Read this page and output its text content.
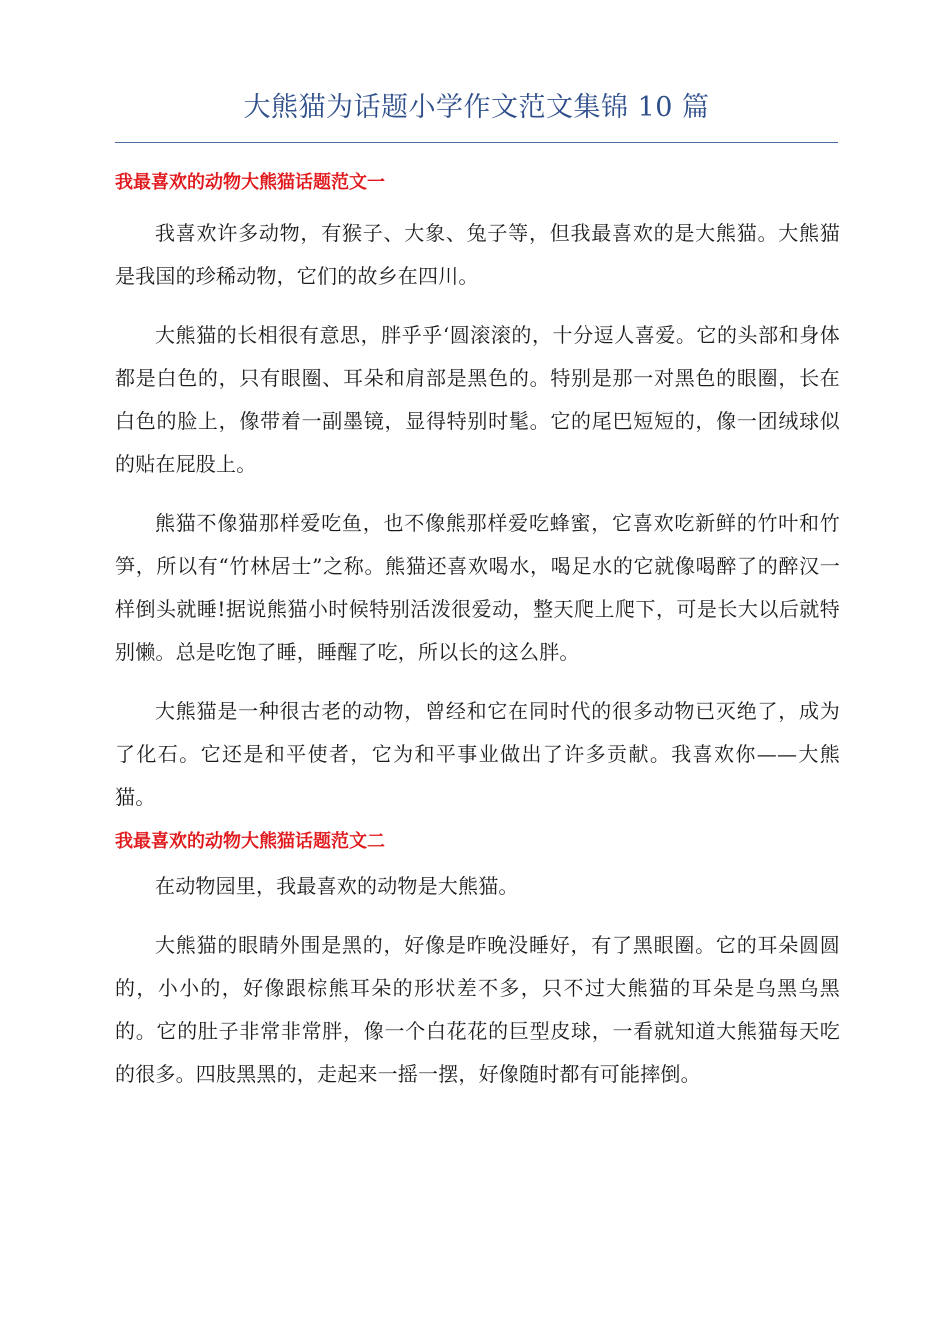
大熊猫为话题小学作文范文集锦 10 篇
我最喜欢的动物大熊猫话题范文一

我喜欢许多动物，有猴子、大象、兔子等，但我最喜欢的是大熊猫。大熊猫是我国的珍稀动物，它们的故乡在四川。

大熊猫的长相很有意思，胖乎乎‘圆滚滚的，十分逗人喜爱。它的头部和身体都是白色的，只有眼圈、耳朵和肩部是黑色的。特别是那一对黑色的眼圈，长在白色的脸上，像带着一副墨镜，显得特别时髦。它的尾巴短短的，像一团绒球似的贴在屁股上。

熊猫不像猫那样爱吃鱼，也不像熊那样爱吃蜂蜜，它喜欢吃新鲜的竹叶和竹笋，所以有“竹林居士”之称。熊猫还喜欢喝水，喝足水的它就像喝醉了的醉汉一样倒头就睡!据说熊猫小时候特别活泼很爱动，整天爬上爬下，可是长大以后就特别懒。总是吃饱了睡，睡醒了吃，所以长的这么胖。

大熊猫是一种很古老的动物，曾经和它在同时代的很多动物已灭绝了，成为了化石。它还是和平使者，它为和平事业做出了许多贡献。我喜欢你——大熊猫。

我最喜欢的动物大熊猫话题范文二

在动物园里，我最喜欢的动物是大熊猫。

大熊猫的眼睛外围是黑的，好像是昨晚没睡好，有了黑眼圈。它的耳朵圆圆的，小小的，好像跟棕熊耳朵的形状差不多，只不过大熊猫的耳朵是乌黑乌黑的。它的肚子非常非常胖，像一个白花花的巨型皮球，一看就知道大熊猫每天吃的很多。四肢黑黑的，走起来一摇一摆，好像随时都有可能摔倒。
